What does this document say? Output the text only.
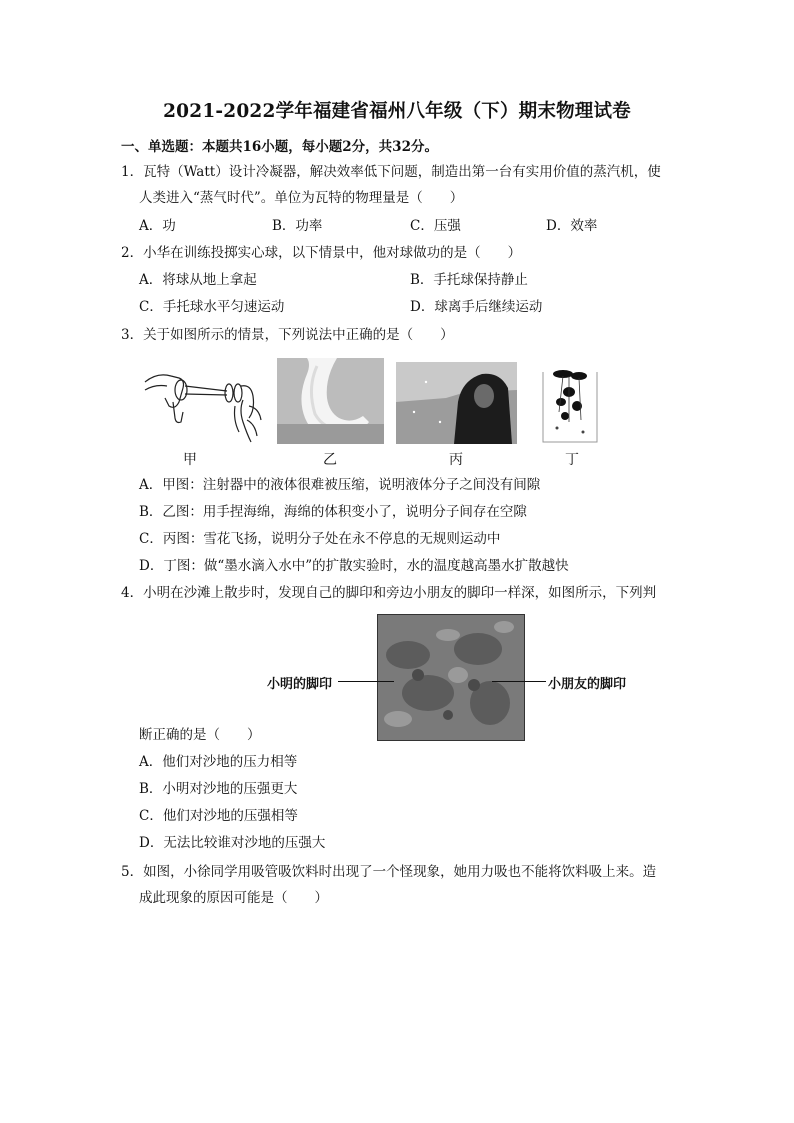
2021-2022学年福建省福州八年级（下）期末物理试卷
一、单选题：本题共16小题，每小题2分，共32分。
1．瓦特（Watt）设计冷凝器，解决效率低下问题，制造出第一台有实用价值的蒸汽机，使
人类进入“蒸气时代”。单位为瓦特的物理量是（　　）
A．功	B．功率	C．压强	D．效率
2．小华在训练投掷实心球，以下情景中，他对球做功的是（　　）
A．将球从地上拿起	B．手托球保持静止
C．手托球水平匀速运动	D．球离手后继续运动
3．关于如图所示的情景，下列说法中正确的是（　　）
甲	乙	丙	丁
A．甲图：注射器中的液体很难被压缩，说明液体分子之间没有间隙
B．乙图：用手捏海绵，海绵的体积变小了，说明分子间存在空隙
C．丙图：雪花飞扬，说明分子处在永不停息的无规则运动中
D．丁图：做“墨水滴入水中”的扩散实验时，水的温度越高墨水扩散越快
4．小明在沙滩上散步时，发现自己的脚印和旁边小朋友的脚印一样深，如图所示，下列判
小明的脚印	小朋友的脚印
断正确的是（　　）
A．他们对沙地的压力相等
B．小明对沙地的压强更大
C．他们对沙地的压强相等
D．无法比较谁对沙地的压强大
5．如图，小徐同学用吸管吸饮料时出现了一个怪现象，她用力吸也不能将饮料吸上来。造
成此现象的原因可能是（　　）
